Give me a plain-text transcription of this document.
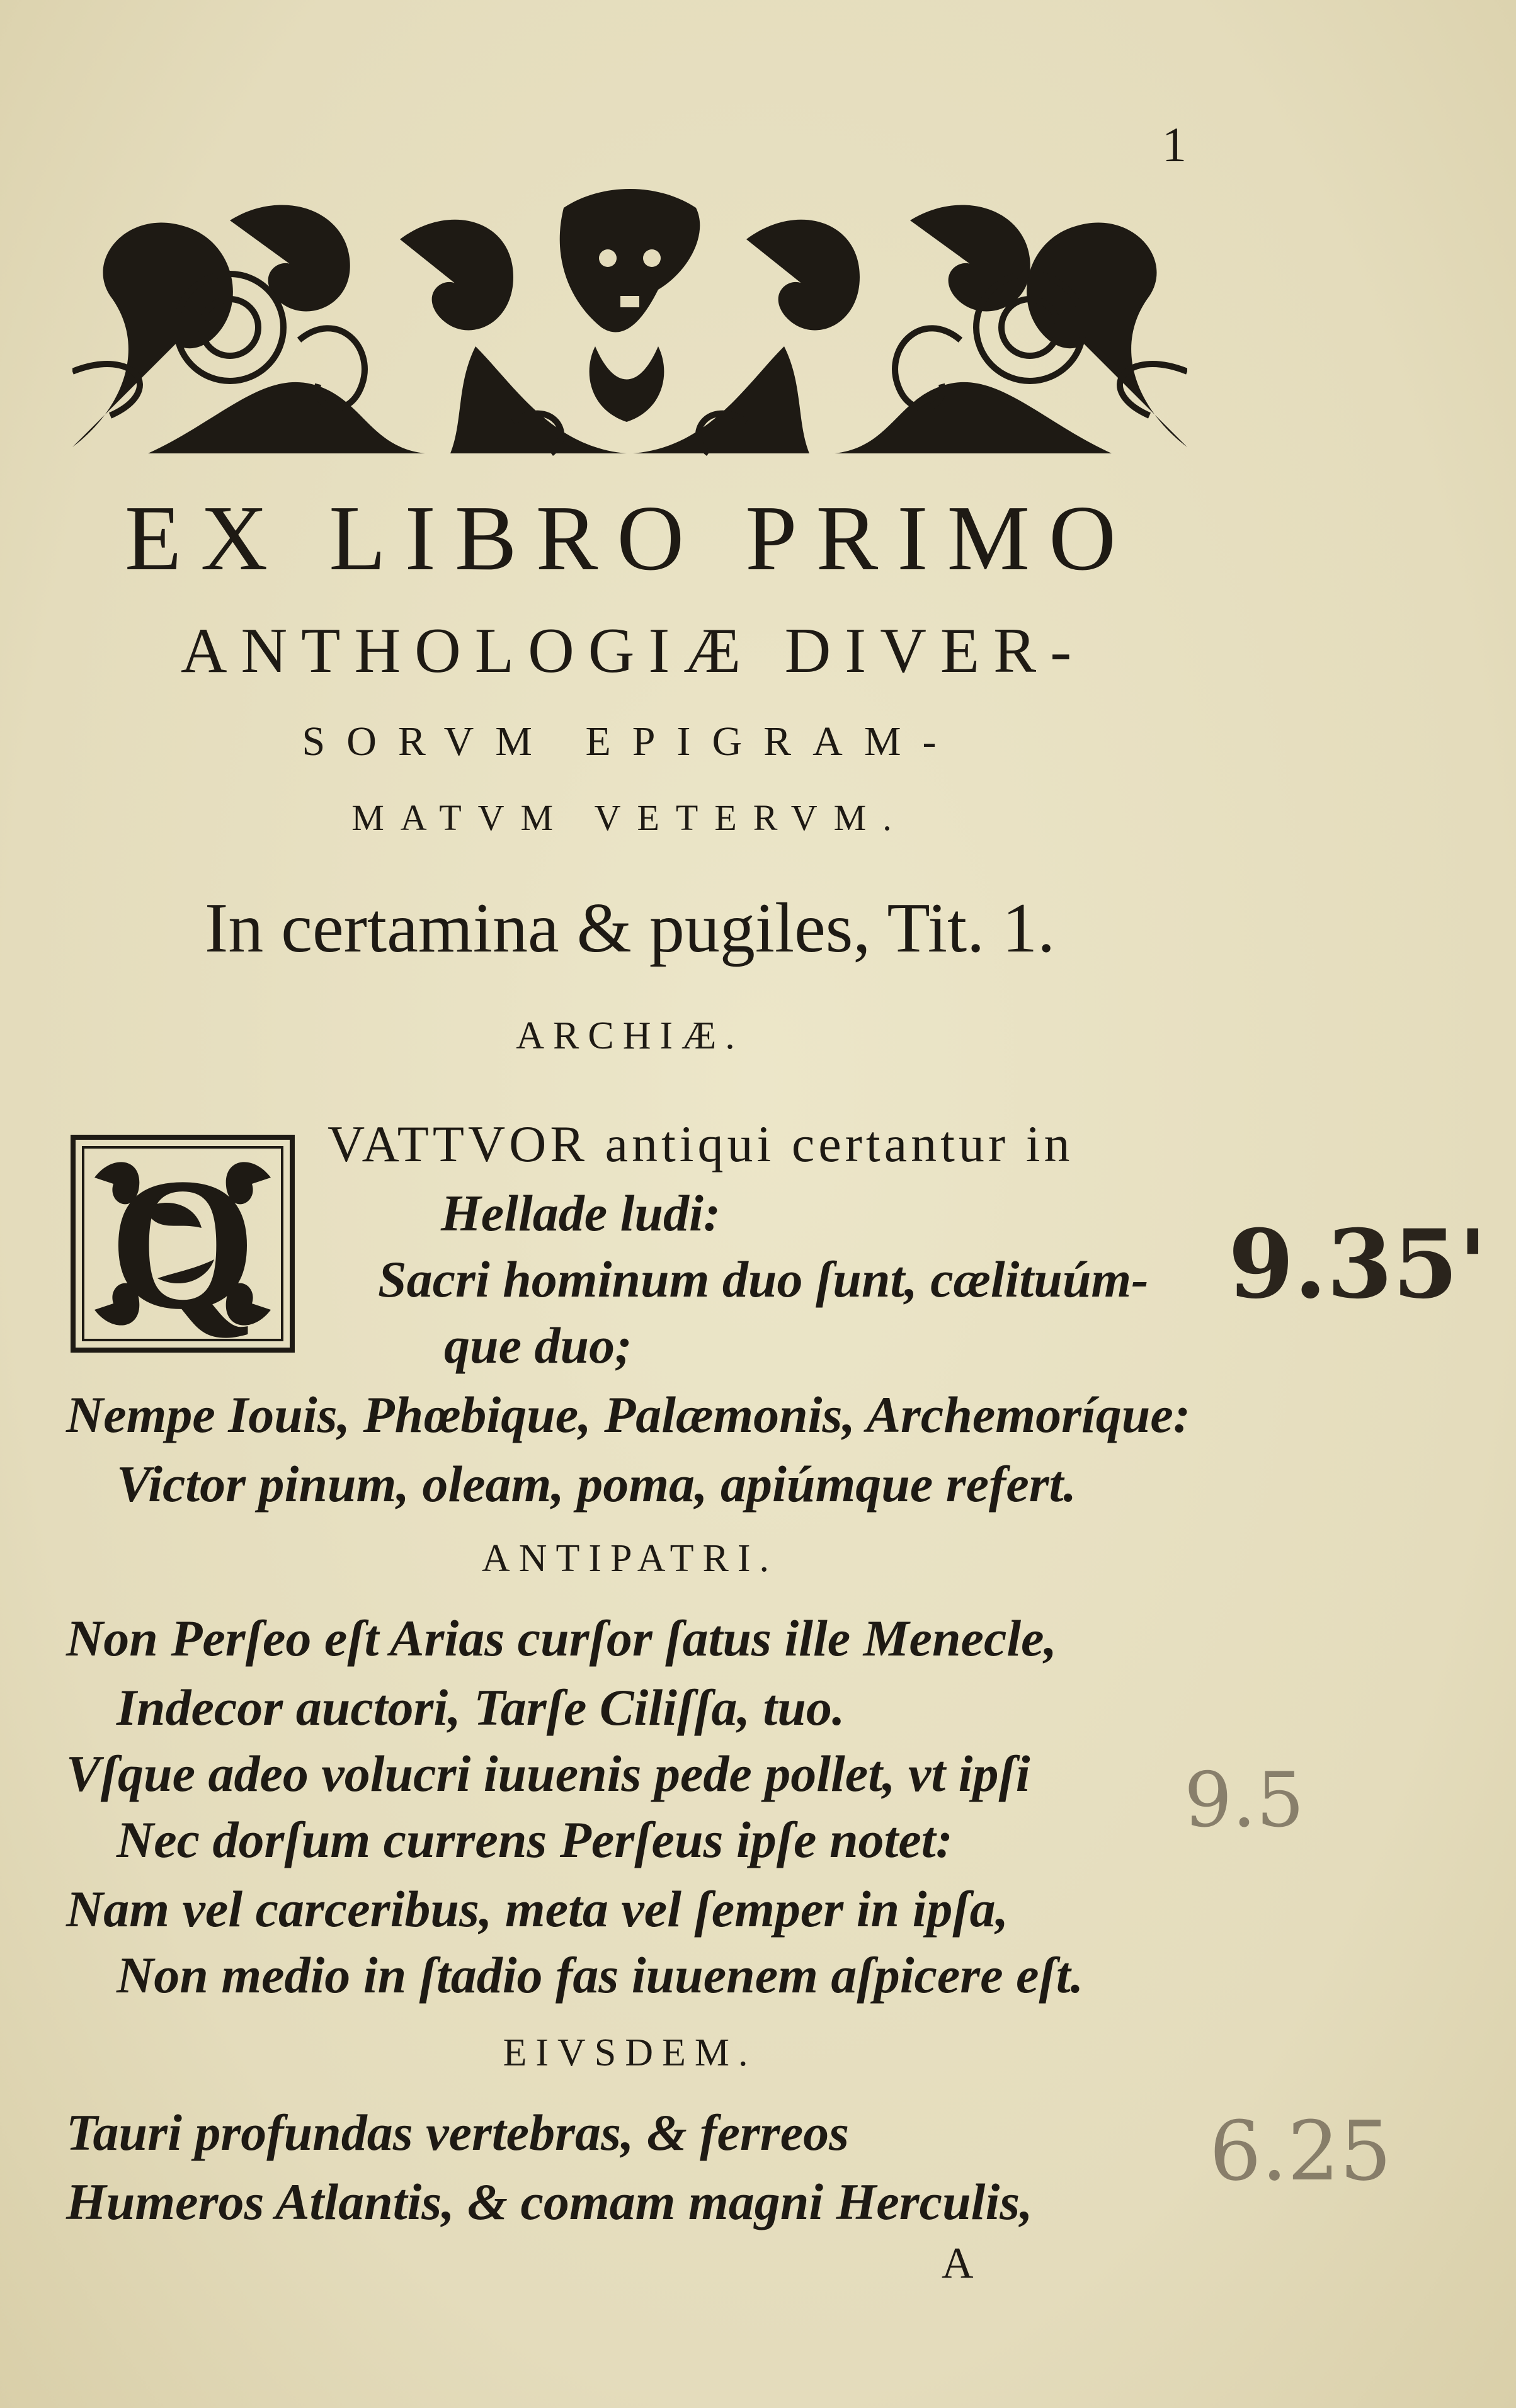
1
EX LIBRO PRIMO
ANTHOLOGIÆ DIVER-
SORVM EPIGRAM-
MATVM VETERVM.
In certamina & pugiles, Tit. 1.
ARCHIÆ.
Q	VATTVOR antiqui certantur in
Hellade ludi:
Sacri hominum duo ſunt, cælituúm-
que duo;
Nempe Iouis, Phœbique, Palæmonis, Archemoríque:
Victor pinum, oleam, poma, apiúmque refert.
ANTIPATRI.
Non Perſeo eſt Arias curſor ſatus ille Menecle,
Indecor auctori, Tarſe Ciliſſa, tuo.
Vſque adeo volucri iuuenis pede pollet, vt ipſi
Nec dorſum currens Perſeus ipſe notet:
Nam vel carceribus, meta vel ſemper in ipſa,
Non medio in ſtadio fas iuuenem aſpicere eſt.
EIVSDEM.
Tauri profundas vertebras, & ferreos
Humeros Atlantis, & comam magni Herculis,
A
9.35'
9.5
6.25
